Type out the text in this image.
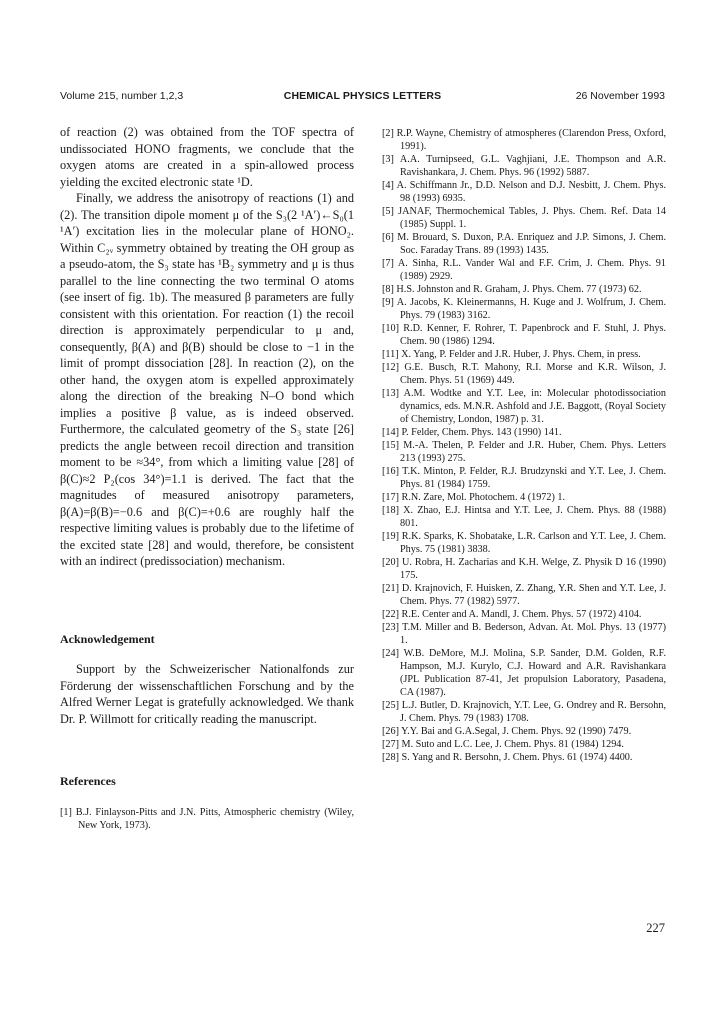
Volume 215, number 1,2,3	CHEMICAL PHYSICS LETTERS	26 November 1993

of reaction (2) was obtained from the TOF spectra of undissociated HONO fragments, we conclude that the oxygen atoms are created in a spin-allowed process yielding the excited electronic state ¹D.

Finally, we address the anisotropy of reactions (1) and (2). The transition dipole moment μ of the S₃(2 ¹A′)←S₀(1 ¹A′) excitation lies in the molecular plane of HONO₂. Within C₂ᵥ symmetry obtained by treating the OH group as a pseudo-atom, the S₃ state has ¹B₂ symmetry and μ is thus parallel to the line connecting the two terminal O atoms (see insert of fig. 1b). The measured β parameters are fully consistent with this orientation. For reaction (1) the recoil direction is approximately perpendicular to μ and, consequently, β(A) and β(B) should be close to −1 in the limit of prompt dissociation [28]. In reaction (2), on the other hand, the oxygen atom is expelled approximately along the direction of the breaking N–O bond which implies a positive β value, as is indeed observed. Furthermore, the calculated geometry of the S₃ state [26] predicts the angle between recoil direction and transition moment to be ≈34°, from which a limiting value [28] of β(C)≈2 P₂(cos 34°)=1.1 is derived. The fact that the magnitudes of measured anisotropy parameters, β(A)=β(B)=−0.6 and β(C)=+0.6 are roughly half the respective limiting values is probably due to the lifetime of the excited state [28] and would, therefore, be consistent with an indirect (predissociation) mechanism.

Acknowledgement

Support by the Schweizerischer Nationalfonds zur Förderung der wissenschaftlichen Forschung and by the Alfred Werner Legat is gratefully acknowledged. We thank Dr. P. Willmott for critically reading the manuscript.

References

[1] B.J. Finlayson-Pitts and J.N. Pitts, Atmospheric chemistry (Wiley, New York, 1973).

[2] R.P. Wayne, Chemistry of atmospheres (Clarendon Press, Oxford, 1991).

[3] A.A. Turnipseed, G.L. Vaghjiani, J.E. Thompson and A.R. Ravishankara, J. Chem. Phys. 96 (1992) 5887.

[4] A. Schiffmann Jr., D.D. Nelson and D.J. Nesbitt, J. Chem. Phys. 98 (1993) 6935.

[5] JANAF, Thermochemical Tables, J. Phys. Chem. Ref. Data 14 (1985) Suppl. 1.

[6] M. Brouard, S. Duxon, P.A. Enriquez and J.P. Simons, J. Chem. Soc. Faraday Trans. 89 (1993) 1435.

[7] A. Sinha, R.L. Vander Wal and F.F. Crim, J. Chem. Phys. 91 (1989) 2929.

[8] H.S. Johnston and R. Graham, J. Phys. Chem. 77 (1973) 62.

[9] A. Jacobs, K. Kleinermanns, H. Kuge and J. Wolfrum, J. Chem. Phys. 79 (1983) 3162.

[10] R.D. Kenner, F. Rohrer, T. Papenbrock and F. Stuhl, J. Phys. Chem. 90 (1986) 1294.

[11] X. Yang, P. Felder and J.R. Huber, J. Phys. Chem, in press.

[12] G.E. Busch, R.T. Mahony, R.I. Morse and K.R. Wilson, J. Chem. Phys. 51 (1969) 449.

[13] A.M. Wodtke and Y.T. Lee, in: Molecular photodissociation dynamics, eds. M.N.R. Ashfold and J.E. Baggott, (Royal Society of Chemistry, London, 1987) p. 31.

[14] P. Felder, Chem. Phys. 143 (1990) 141.

[15] M.-A. Thelen, P. Felder and J.R. Huber, Chem. Phys. Letters 213 (1993) 275.

[16] T.K. Minton, P. Felder, R.J. Brudzynski and Y.T. Lee, J. Chem. Phys. 81 (1984) 1759.

[17] R.N. Zare, Mol. Photochem. 4 (1972) 1.

[18] X. Zhao, E.J. Hintsa and Y.T. Lee, J. Chem. Phys. 88 (1988) 801.

[19] R.K. Sparks, K. Shobatake, L.R. Carlson and Y.T. Lee, J. Chem. Phys. 75 (1981) 3838.

[20] U. Robra, H. Zacharias and K.H. Welge, Z. Physik D 16 (1990) 175.

[21] D. Krajnovich, F. Huisken, Z. Zhang, Y.R. Shen and Y.T. Lee, J. Chem. Phys. 77 (1982) 5977.

[22] R.E. Center and A. Mandl, J. Chem. Phys. 57 (1972) 4104.

[23] T.M. Miller and B. Bederson, Advan. At. Mol. Phys. 13 (1977) 1.

[24] W.B. DeMore, M.J. Molina, S.P. Sander, D.M. Golden, R.F. Hampson, M.J. Kurylo, C.J. Howard and A.R. Ravishankara (JPL Publication 87-41, Jet propulsion Laboratory, Pasadena, CA (1987).

[25] L.J. Butler, D. Krajnovich, Y.T. Lee, G. Ondrey and R. Bersohn, J. Chem. Phys. 79 (1983) 1708.

[26] Y.Y. Bai and G.A.Segal, J. Chem. Phys. 92 (1990) 7479.

[27] M. Suto and L.C. Lee, J. Chem. Phys. 81 (1984) 1294.

[28] S. Yang and R. Bersohn, J. Chem. Phys. 61 (1974) 4400.

227
